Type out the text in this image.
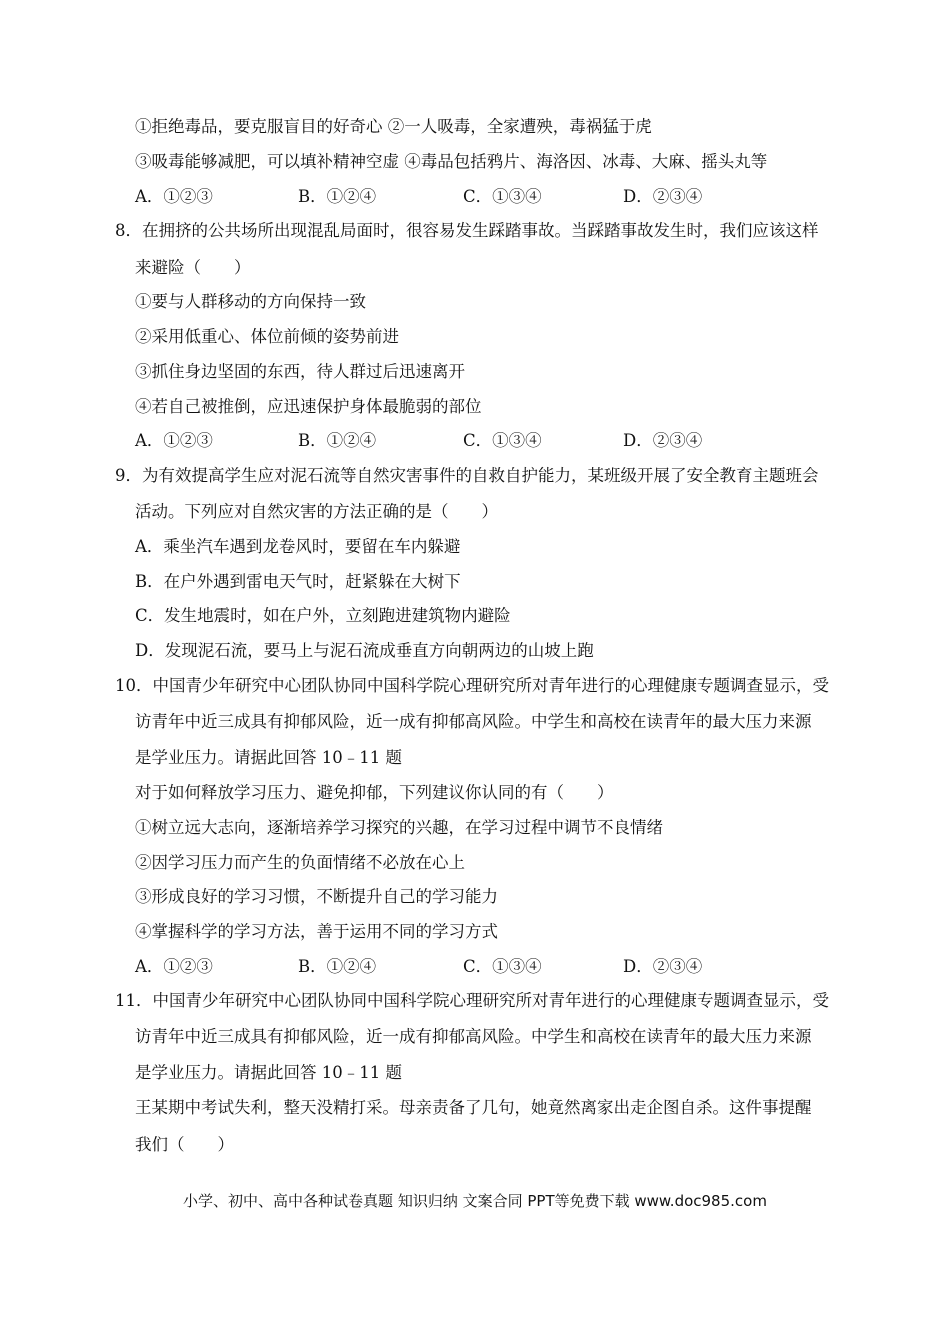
①拒绝毒品，要克服盲目的好奇心 ②一人吸毒，全家遭殃，毒祸猛于虎
③吸毒能够减肥，可以填补精神空虚 ④毒品包括鸦片、海洛因、冰毒、大麻、摇头丸等
A．①②③	B．①②④	C．①③④	D．②③④
8．在拥挤的公共场所出现混乱局面时，很容易发生踩踏事故。当踩踏事故发生时，我们应该这样
来避险（　　）
①要与人群移动的方向保持一致
②采用低重心、体位前倾的姿势前进
③抓住身边坚固的东西，待人群过后迅速离开
④若自己被推倒，应迅速保护身体最脆弱的部位
A．①②③	B．①②④	C．①③④	D．②③④
9．为有效提高学生应对泥石流等自然灾害事件的自救自护能力，某班级开展了安全教育主题班会
活动。下列应对自然灾害的方法正确的是（　　）
A．乘坐汽车遇到龙卷风时，要留在车内躲避
B．在户外遇到雷电天气时，赶紧躲在大树下
C．发生地震时，如在户外，立刻跑进建筑物内避险
D．发现泥石流，要马上与泥石流成垂直方向朝两边的山坡上跑
10．中国青少年研究中心团队协同中国科学院心理研究所对青年进行的心理健康专题调查显示，受
访青年中近三成具有抑郁风险，近一成有抑郁高风险。中学生和高校在读青年的最大压力来源
是学业压力。请据此回答 10﹣11 题
对于如何释放学习压力、避免抑郁，下列建议你认同的有（　　）
①树立远大志向，逐渐培养学习探究的兴趣，在学习过程中调节不良情绪
②因学习压力而产生的负面情绪不必放在心上
③形成良好的学习习惯，不断提升自己的学习能力
④掌握科学的学习方法，善于运用不同的学习方式
A．①②③	B．①②④	C．①③④	D．②③④
11．中国青少年研究中心团队协同中国科学院心理研究所对青年进行的心理健康专题调查显示，受
访青年中近三成具有抑郁风险，近一成有抑郁高风险。中学生和高校在读青年的最大压力来源
是学业压力。请据此回答 10﹣11 题
王某期中考试失利，整天没精打采。母亲责备了几句，她竟然离家出走企图自杀。这件事提醒
我们（　　）
小学、初中、高中各种试卷真题 知识归纳 文案合同 PPT等免费下载 www.doc985.com
